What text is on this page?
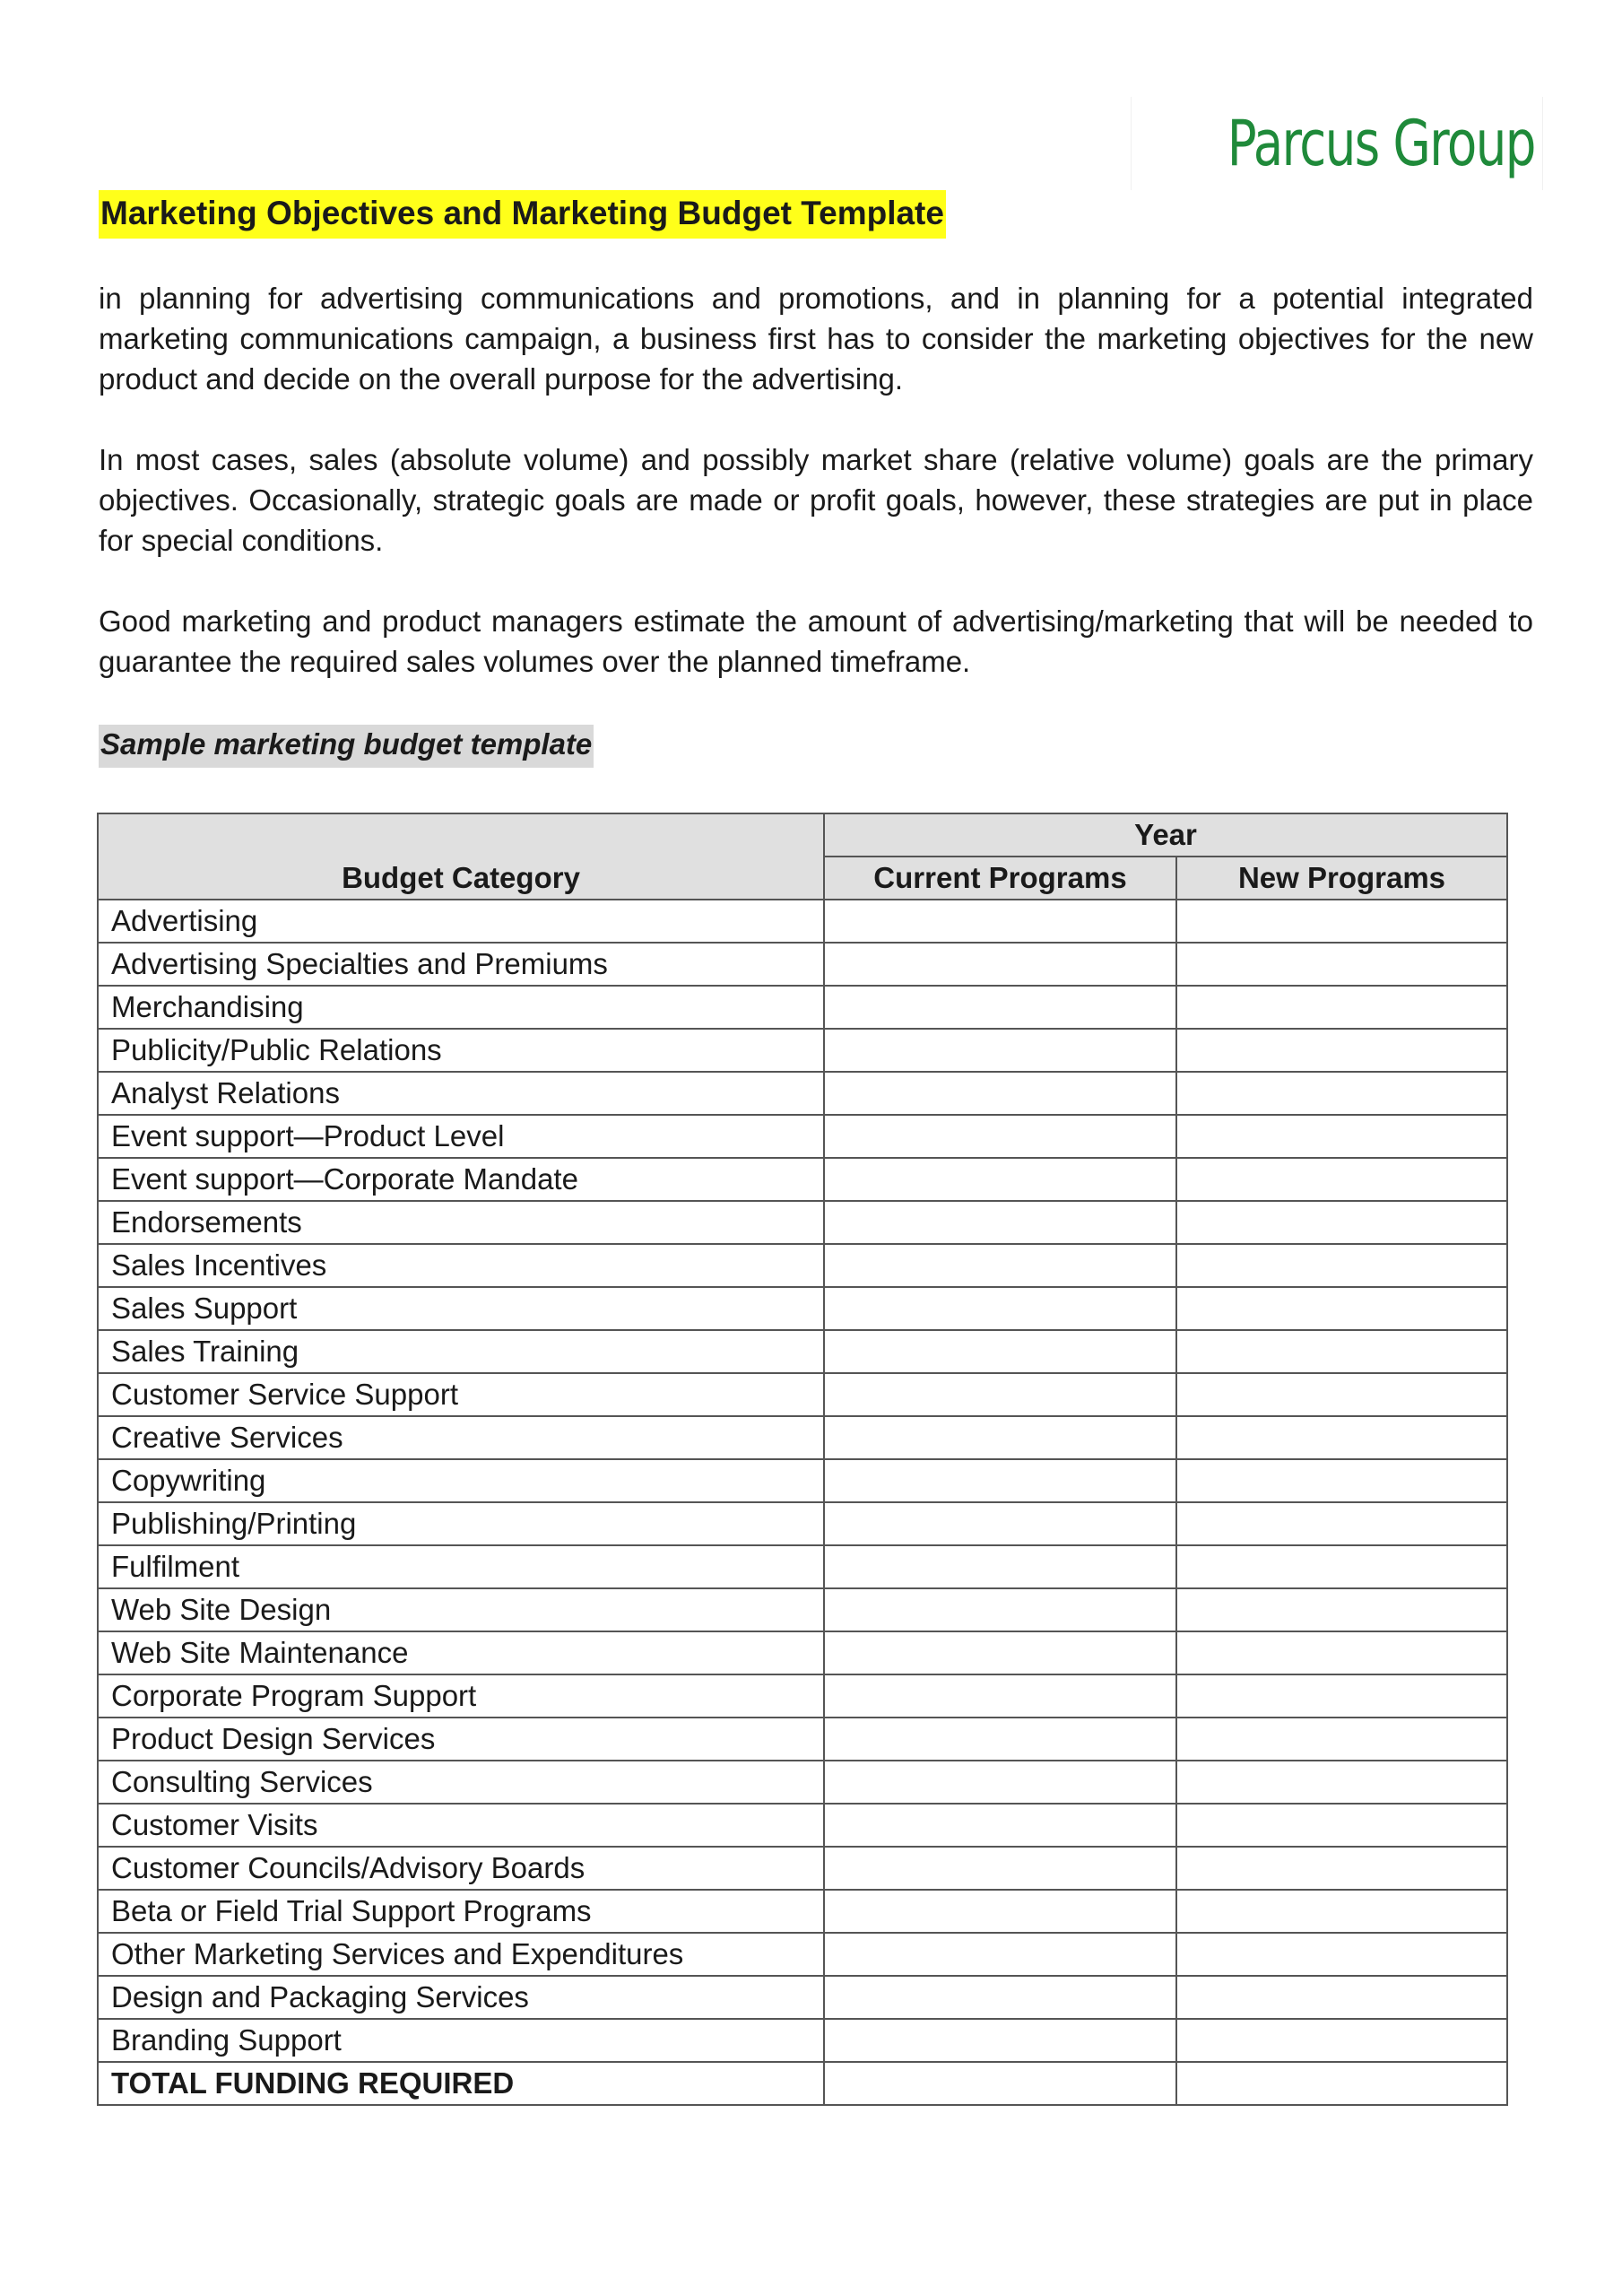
Parcus Group
Marketing Objectives and Marketing Budget Template

in planning for advertising communications and promotions, and in planning for a potential integrated marketing communications campaign, a business first has to consider the marketing objectives for the new product and decide on the overall purpose for the advertising.

In most cases, sales (absolute volume) and possibly market share (relative volume) goals are the primary objectives. Occasionally, strategic goals are made or profit goals, however, these strategies are put in place for special conditions.

Good marketing and product managers estimate the amount of advertising/marketing that will be needed to guarantee the required sales volumes over the planned timeframe.

Sample marketing budget template
Budget Category	Year	
	Current Programs	New Programs
Advertising		
Advertising Specialties and Premiums		
Merchandising		
Publicity/Public Relations		
Analyst Relations		
Event support—Product Level		
Event support—Corporate Mandate		
Endorsements		
Sales Incentives		
Sales Support		
Sales Training		
Customer Service Support		
Creative Services		
Copywriting		
Publishing/Printing		
Fulfilment		
Web Site Design		
Web Site Maintenance		
Corporate Program Support		
Product Design Services		
Consulting Services		
Customer Visits		
Customer Councils/Advisory Boards		
Beta or Field Trial Support Programs		
Other Marketing Services and Expenditures		
Design and Packaging Services		
Branding Support		
TOTAL FUNDING REQUIRED		
